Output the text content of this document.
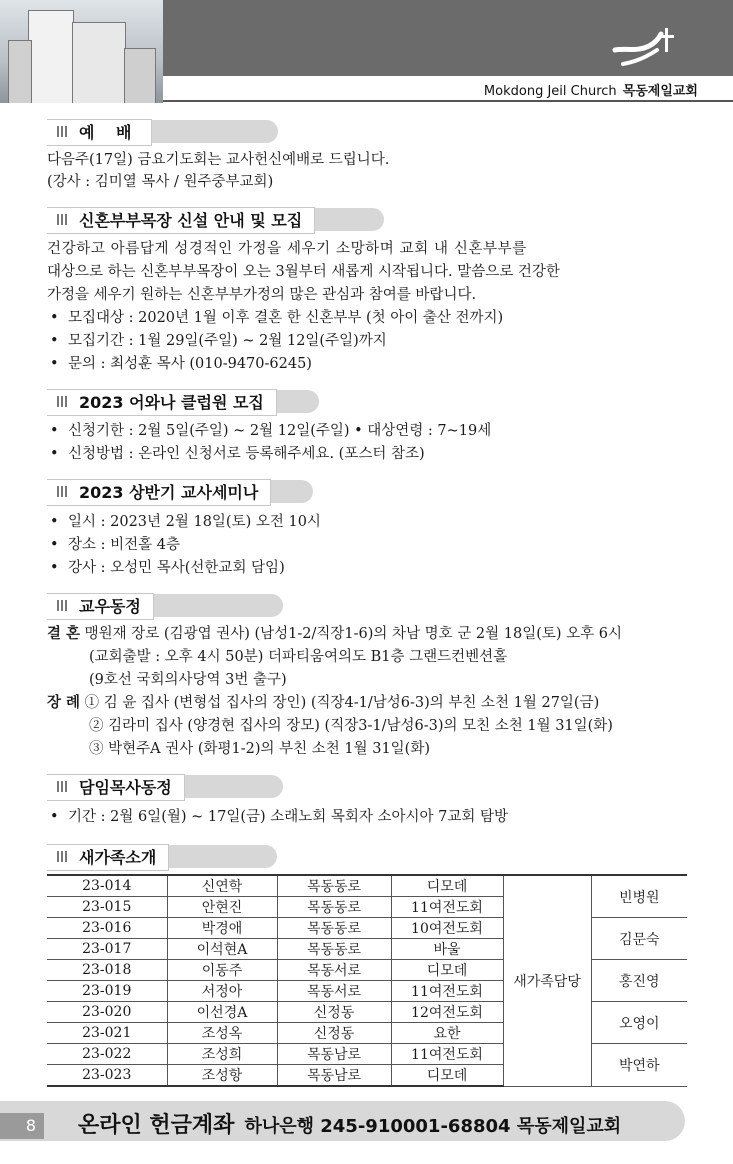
Mokdong Jeil Church 목동제일교회
예 배
다음주(17일) 금요기도회는 교사헌신예배로 드립니다.
(강사 : 김미열 목사 / 원주중부교회)
신혼부부목장 신설 안내 및 모집
건강하고 아름답게 성경적인 가정을 세우기 소망하며 교회 내 신혼부부를
대상으로 하는 신혼부부목장이 오는 3월부터 새롭게 시작됩니다. 말씀으로 건강한
가정을 세우기 원하는 신혼부부가정의 많은 관심과 참여를 바랍니다.
• 모집대상 : 2020년 1월 이후 결혼 한 신혼부부 (첫 아이 출산 전까지)
• 모집기간 : 1월 29일(주일) ~ 2월 12일(주일)까지
• 문의 : 최성훈 목사 (010-9470-6245)
2023 어와나 클럽원 모집
• 신청기한 : 2월 5일(주일) ~ 2월 12일(주일) • 대상연령 : 7~19세
• 신청방법 : 온라인 신청서로 등록해주세요. (포스터 참조)
2023 상반기 교사세미나
• 일시 : 2023년 2월 18일(토) 오전 10시
• 장소 : 비전홀 4층
• 강사 : 오성민 목사(선한교회 담임)
교우동정
결 혼 맹원재 장로 (김광엽 권사) (남성1-2/직장1-6)의 차남 명호 군 2월 18일(토) 오후 6시
(교회출발 : 오후 4시 50분) 더파티움여의도 B1층 그랜드컨벤션홀
(9호선 국회의사당역 3번 출구)
장 례 ① 김 윤 집사 (변형섭 집사의 장인) (직장4-1/남성6-3)의 부친 소천 1월 27일(금)
② 김라미 집사 (양경현 집사의 장모) (직장3-1/남성6-3)의 모친 소천 1월 31일(화)
③ 박현주A 권사 (화평1-2)의 부친 소천 1월 31일(화)
담임목사동정
• 기간 : 2월 6일(월) ~ 17일(금) 소래노회 목회자 소아시아 7교회 탐방
새가족소개
23-014	신연학	목동동로	디모데	새가족담당	빈병원
23-015	안현진	목동동로	11여전도회		
23-016	박경애	목동동로	10여전도회		김문숙
23-017	이석현A	목동동로	바울		
23-018	이동주	목동서로	디모데		홍진영
23-019	서정아	목동서로	11여전도회		
23-020	이선경A	신정동	12여전도회		오영이
23-021	조성옥	신정동	요한		
23-022	조성희	목동남로	11여전도회		박연하
23-023	조성항	목동남로	디모데		
8	온라인 헌금계좌 하나은행 245-910001-68804 목동제일교회
